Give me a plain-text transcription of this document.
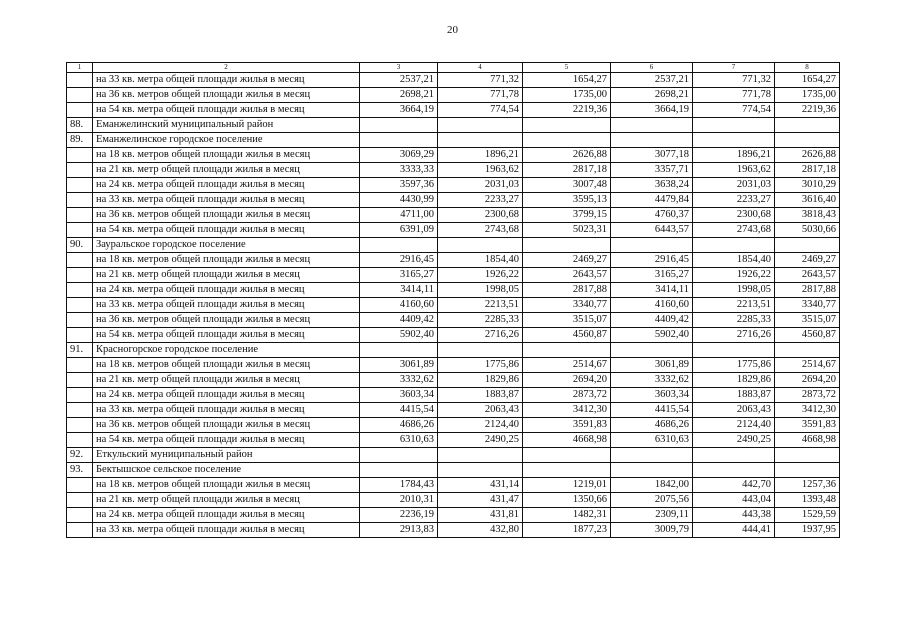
20
1	2	3	4	5	6	7	8
	на 33 кв. метра общей площади жилья в месяц	2537,21	771,32	1654,27	2537,21	771,32	1654,27
	на 36 кв. метров общей площади жилья в месяц	2698,21	771,78	1735,00	2698,21	771,78	1735,00
	на 54 кв. метра общей площади жилья в месяц	3664,19	774,54	2219,36	3664,19	774,54	2219,36
88.	Еманжелинский муниципальный район						
89.	Еманжелинское городское поселение						
	на 18 кв. метров общей площади жилья в месяц	3069,29	1896,21	2626,88	3077,18	1896,21	2626,88
	на 21 кв. метр общей площади жилья в месяц	3333,33	1963,62	2817,18	3357,71	1963,62	2817,18
	на 24 кв. метра общей площади жилья в месяц	3597,36	2031,03	3007,48	3638,24	2031,03	3010,29
	на 33 кв. метра общей площади жилья в месяц	4430,99	2233,27	3595,13	4479,84	2233,27	3616,40
	на 36 кв. метров общей площади жилья в месяц	4711,00	2300,68	3799,15	4760,37	2300,68	3818,43
	на 54 кв. метра общей площади жилья в месяц	6391,09	2743,68	5023,31	6443,57	2743,68	5030,66
90.	Зауральское городское поселение						
	на 18 кв. метров общей площади жилья в месяц	2916,45	1854,40	2469,27	2916,45	1854,40	2469,27
	на 21 кв. метр общей площади жилья в месяц	3165,27	1926,22	2643,57	3165,27	1926,22	2643,57
	на 24 кв. метра общей площади жилья в месяц	3414,11	1998,05	2817,88	3414,11	1998,05	2817,88
	на 33 кв. метра общей площади жилья в месяц	4160,60	2213,51	3340,77	4160,60	2213,51	3340,77
	на 36 кв. метров общей площади жилья в месяц	4409,42	2285,33	3515,07	4409,42	2285,33	3515,07
	на 54 кв. метра общей площади жилья в месяц	5902,40	2716,26	4560,87	5902,40	2716,26	4560,87
91.	Красногорское городское поселение						
	на 18 кв. метров общей площади жилья в месяц	3061,89	1775,86	2514,67	3061,89	1775,86	2514,67
	на 21 кв. метр общей площади жилья в месяц	3332,62	1829,86	2694,20	3332,62	1829,86	2694,20
	на 24 кв. метра общей площади жилья в месяц	3603,34	1883,87	2873,72	3603,34	1883,87	2873,72
	на 33 кв. метра общей площади жилья в месяц	4415,54	2063,43	3412,30	4415,54	2063,43	3412,30
	на 36 кв. метров общей площади жилья в месяц	4686,26	2124,40	3591,83	4686,26	2124,40	3591,83
	на 54 кв. метра общей площади жилья в месяц	6310,63	2490,25	4668,98	6310,63	2490,25	4668,98
92.	Еткульский муниципальный район						
93.	Бектышское сельское поселение						
	на 18 кв. метров общей площади жилья в месяц	1784,43	431,14	1219,01	1842,00	442,70	1257,36
	на 21 кв. метр общей площади жилья в месяц	2010,31	431,47	1350,66	2075,56	443,04	1393,48
	на 24 кв. метра общей площади жилья в месяц	2236,19	431,81	1482,31	2309,11	443,38	1529,59
	на 33 кв. метра общей площади жилья в месяц	2913,83	432,80	1877,23	3009,79	444,41	1937,95
